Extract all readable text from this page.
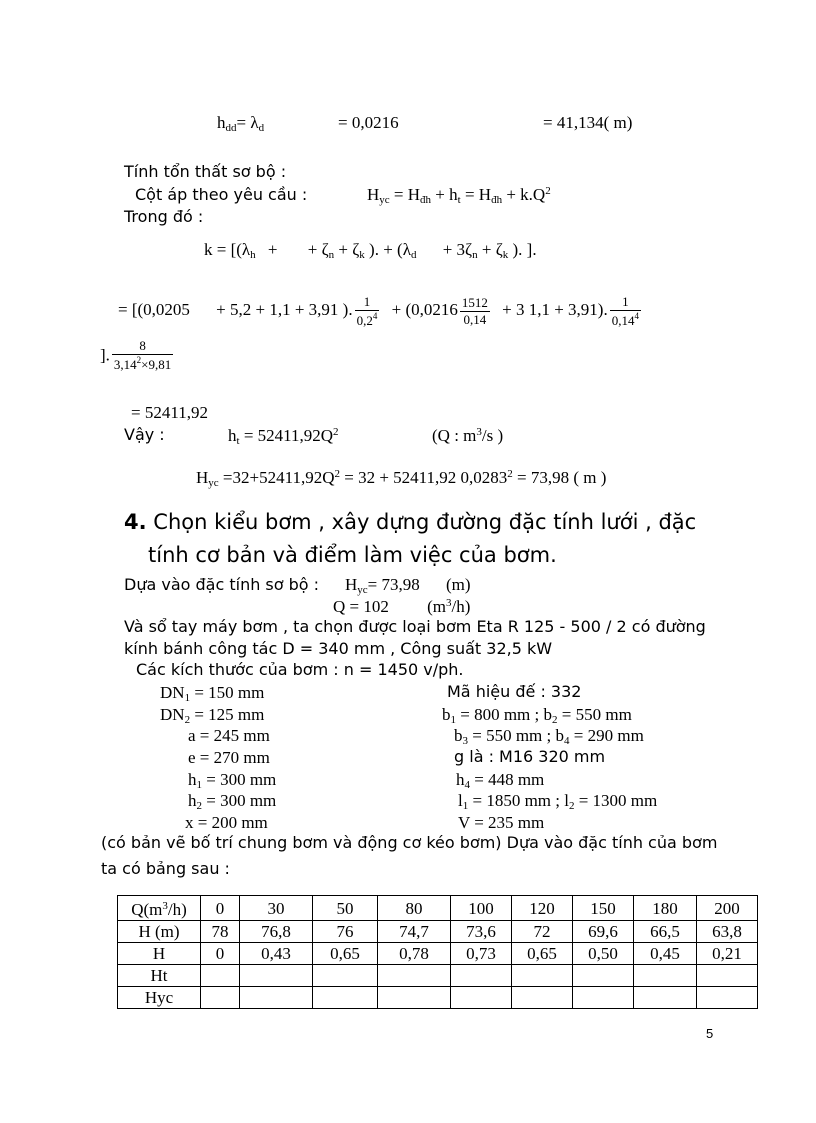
$h_{dd}= \lambda_d$	= 0,0216	= 41,134( m)
Tính tổn thất sơ bộ :
Cột áp theo yêu cầu :	$H_{yc} = H_{đh} + h_t = H_{đh} + k.Q^2$
Trong đó :
$k = [(\lambda_h$ + + $\zeta_n + \zeta_k$ ). + ($\lambda_d + 3\zeta_n + \zeta_k$ ). ].
= [(0,0205 + 5,2 + 1,1 + 3,91 ). $\frac{1}{0,2^4} + (0,0216 \frac{1512}{0,14} + 3$ 1,1 + 3,91). $\frac{1}{0,14^4}$
]. $\frac{8}{3,14^2\times 9,81}$
= 52411,92
Vậy :	$h_t = 52411,92Q^2$	(Q : $m^3/s$ )
$H_{yc} =32+52411,92Q^2 = 32 + 52411,92$ $0,0283^2 = 73,98$ ( m )
4. Chọn kiểu bơm , xây dựng đường đặc tính lưới , đặc
tính cơ bản và điểm làm việc của bơm.
Dựa vào đặc tính sơ bộ : $H_{yc}= 73,98$ (m)
Q = 102 $(m^3/h)$
Và sổ tay máy bơm , ta chọn được loại bơm Eta R 125 - 500 / 2 có đường
kính bánh công tác D = 340 mm , Công suất 32,5 kW
Các kích thước của bơm : n = 1450 v/ph.
$DN_1 = 150$ mm
$DN_2 = 125$ mm
a = 245 mm
e = 270 mm
$h_1 = 300$ mm
$h_2 = 300$ mm
x = 200 mm
Mã hiệu đế : 332
$b_1 = 800$ mm ; $b_2 = 550$ mm
$b_3 = 550$ mm ; $b_4 = 290$ mm
g là : M16 320 mm
$h_4 = 448$ mm
$l_1 = 1850$ mm ; $l_2 = 1300$ mm
V = 235 mm
(có bản vẽ bố trí chung bơm và động cơ kéo bơm) Dựa vào đặc tính của bơm
ta có bảng sau :
$Q(m^3/h)$	0	30	50	80	100	120	150	180	200
H (m)	78	76,8	76	74,7	73,6	72	69,6	66,5	63,8
H	0	0,43	0,65	0,78	0,73	0,65	0,50	0,45	0,21
Ht									
Hyc									
5
